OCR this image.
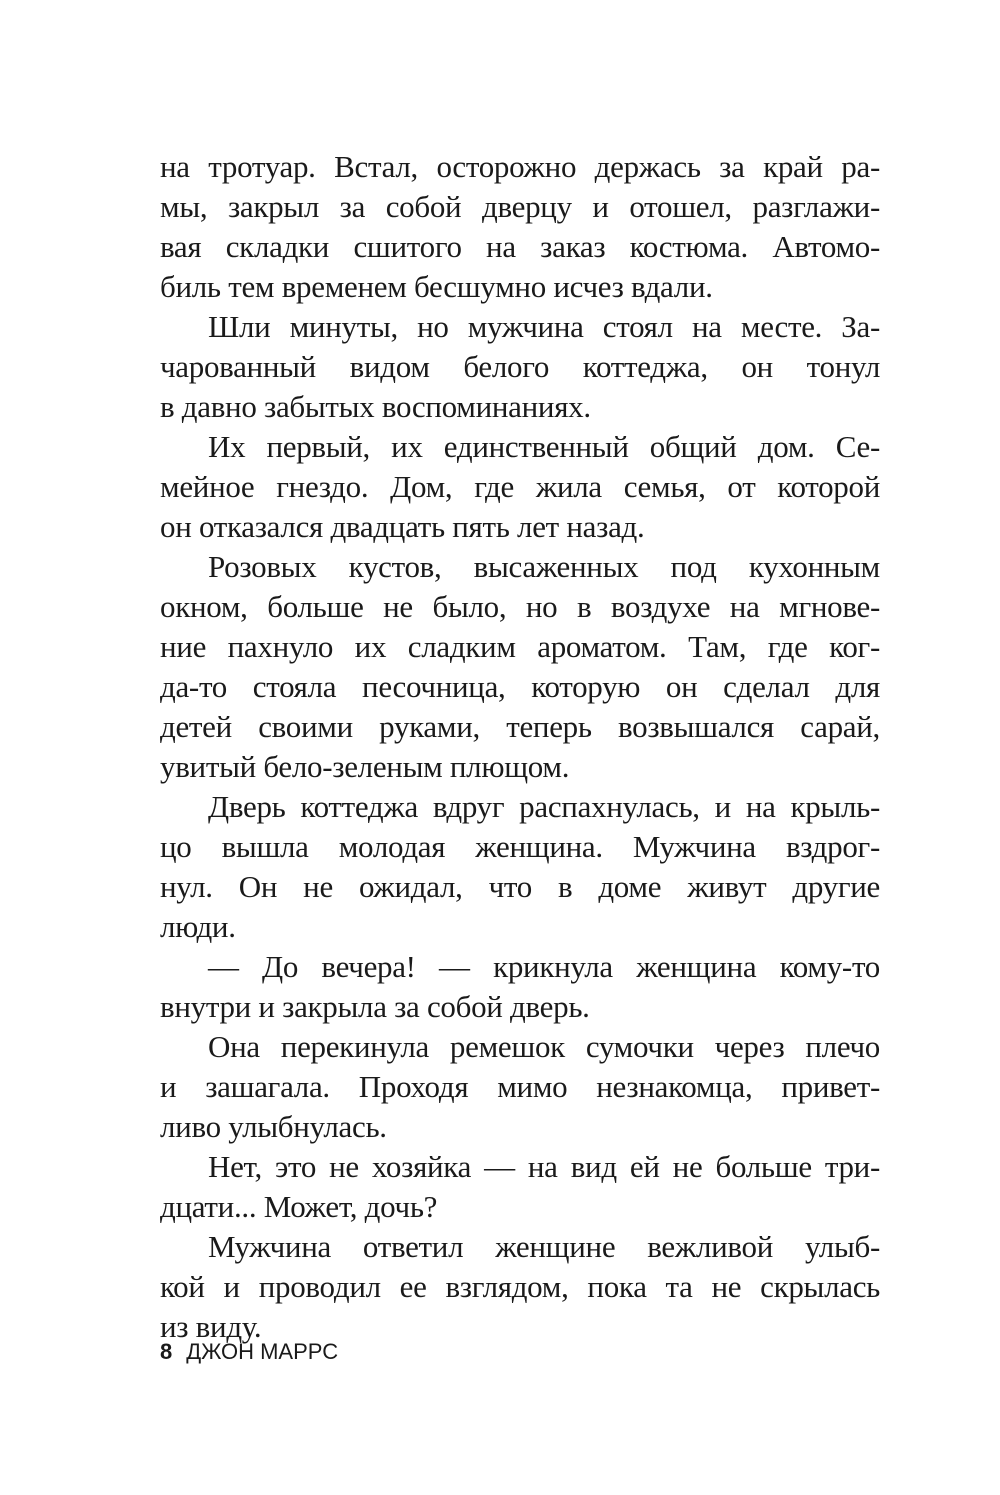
на тротуар. Встал, осторожно держась за край ра-
мы, закрыл за собой дверцу и отошел, разглажи-
вая складки сшитого на заказ костюма. Автомо-
биль тем временем бесшумно исчез вдали.
Шли минуты, но мужчина стоял на месте. За-
чарованный видом белого коттеджа, он тонул
в давно забытых воспоминаниях.
Их первый, их единственный общий дом. Се-
мейное гнездо. Дом, где жила семья, от которой
он отказался двадцать пять лет назад.
Розовых кустов, высаженных под кухонным
окном, больше не было, но в воздухе на мгнове-
ние пахнуло их сладким ароматом. Там, где ког-
да-то стояла песочница, которую он сделал для
детей своими руками, теперь возвышался сарай,
увитый бело-зеленым плющом.
Дверь коттеджа вдруг распахнулась, и на крыль-
цо вышла молодая женщина. Мужчина вздрог-
нул. Он не ожидал, что в доме живут другие
люди.
— До вечера! — крикнула женщина кому-то
внутри и закрыла за собой дверь.
Она перекинула ремешок сумочки через плечо
и зашагала. Проходя мимо незнакомца, привет-
ливо улыбнулась.
Нет, это не хозяйка — на вид ей не больше три-
дцати... Может, дочь?
Мужчина ответил женщине вежливой улыб-
кой и проводил ее взглядом, пока та не скрылась
из виду.
8 ДЖОН МАРРС
